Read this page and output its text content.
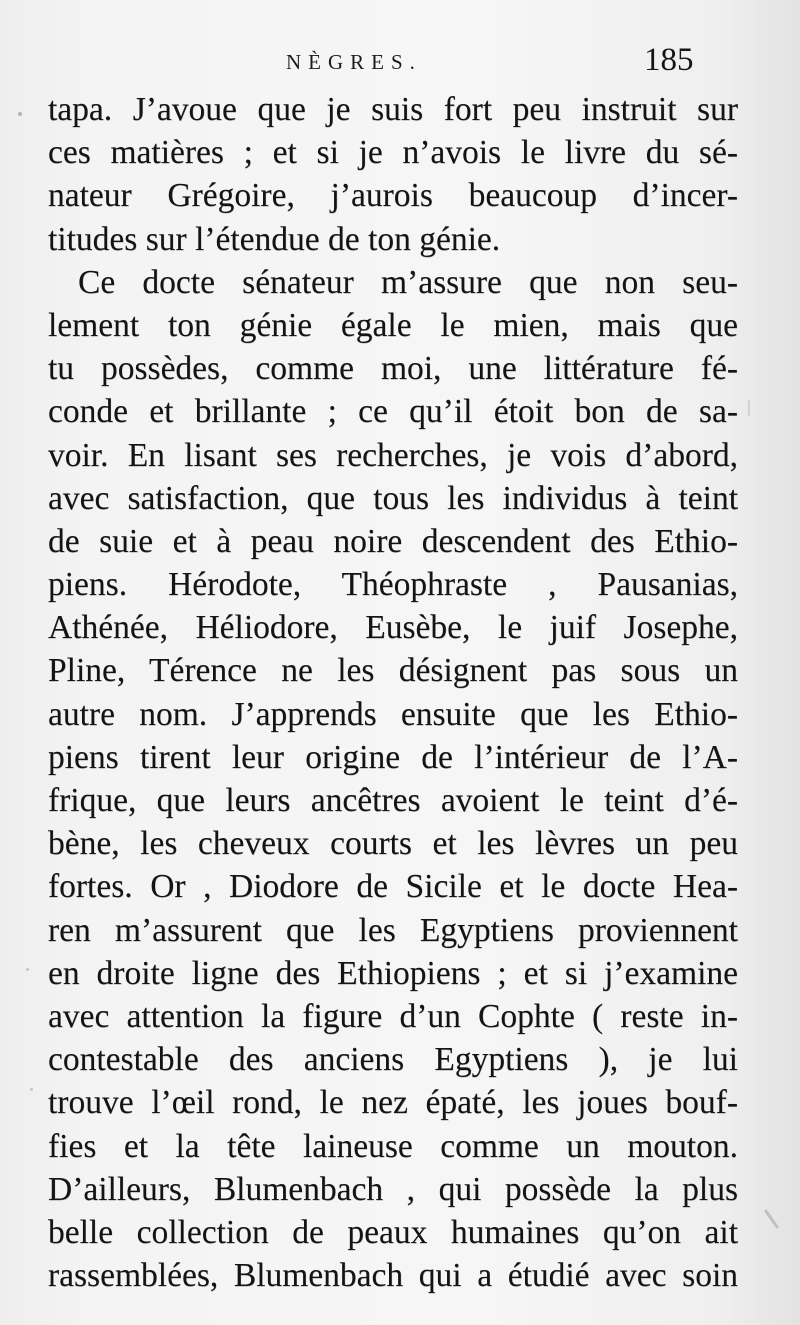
NÈGRES.	185
tapa. J’avoue que je suis fort peu instruit sur
ces matières ; et si je n’avois le livre du sé-
nateur Grégoire, j’aurois beaucoup d’incer-
titudes sur l’étendue de ton génie.
Ce docte sénateur m’assure que non seu-
lement ton génie égale le mien, mais que
tu possèdes, comme moi, une littérature fé-
conde et brillante ; ce qu’il étoit bon de sa-
voir. En lisant ses recherches, je vois d’abord,
avec satisfaction, que tous les individus à teint
de suie et à peau noire descendent des Ethio-
piens. Hérodote, Théophraste , Pausanias,
Athénée, Héliodore, Eusèbe, le juif Josephe,
Pline, Térence ne les désignent pas sous un
autre nom. J’apprends ensuite que les Ethio-
piens tirent leur origine de l’intérieur de l’A-
frique, que leurs ancêtres avoient le teint d’é-
bène, les cheveux courts et les lèvres un peu
fortes. Or , Diodore de Sicile et le docte Hea-
ren m’assurent que les Egyptiens proviennent
en droite ligne des Ethiopiens ; et si j’examine
avec attention la figure d’un Cophte ( reste in-
contestable des anciens Egyptiens ), je lui
trouve l’œil rond, le nez épaté, les joues bouf-
fies et la tête laineuse comme un mouton.
D’ailleurs, Blumenbach , qui possède la plus
belle collection de peaux humaines qu’on ait
rassemblées, Blumenbach qui a étudié avec soin
